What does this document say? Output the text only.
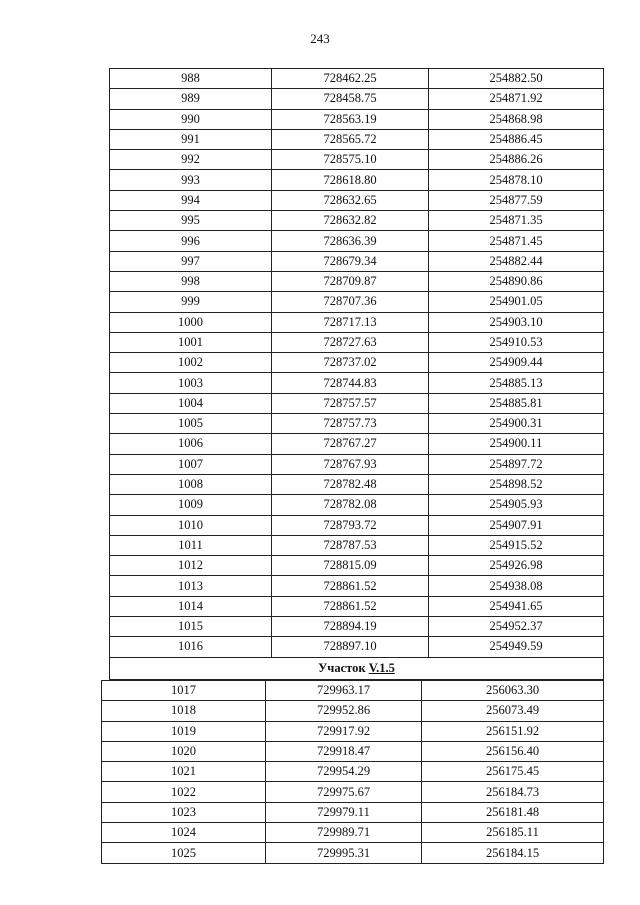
243
988	728462.25	254882.50
989	728458.75	254871.92
990	728563.19	254868.98
991	728565.72	254886.45
992	728575.10	254886.26
993	728618.80	254878.10
994	728632.65	254877.59
995	728632.82	254871.35
996	728636.39	254871.45
997	728679.34	254882.44
998	728709.87	254890.86
999	728707.36	254901.05
1000	728717.13	254903.10
1001	728727.63	254910.53
1002	728737.02	254909.44
1003	728744.83	254885.13
1004	728757.57	254885.81
1005	728757.73	254900.31
1006	728767.27	254900.11
1007	728767.93	254897.72
1008	728782.48	254898.52
1009	728782.08	254905.93
1010	728793.72	254907.91
1011	728787.53	254915.52
1012	728815.09	254926.98
1013	728861.52	254938.08
1014	728861.52	254941.65
1015	728894.19	254952.37
1016	728897.10	254949.59
Участок V.1.5		
1017	729963.17	256063.30
1018	729952.86	256073.49
1019	729917.92	256151.92
1020	729918.47	256156.40
1021	729954.29	256175.45
1022	729975.67	256184.73
1023	729979.11	256181.48
1024	729989.71	256185.11
1025	729995.31	256184.15
